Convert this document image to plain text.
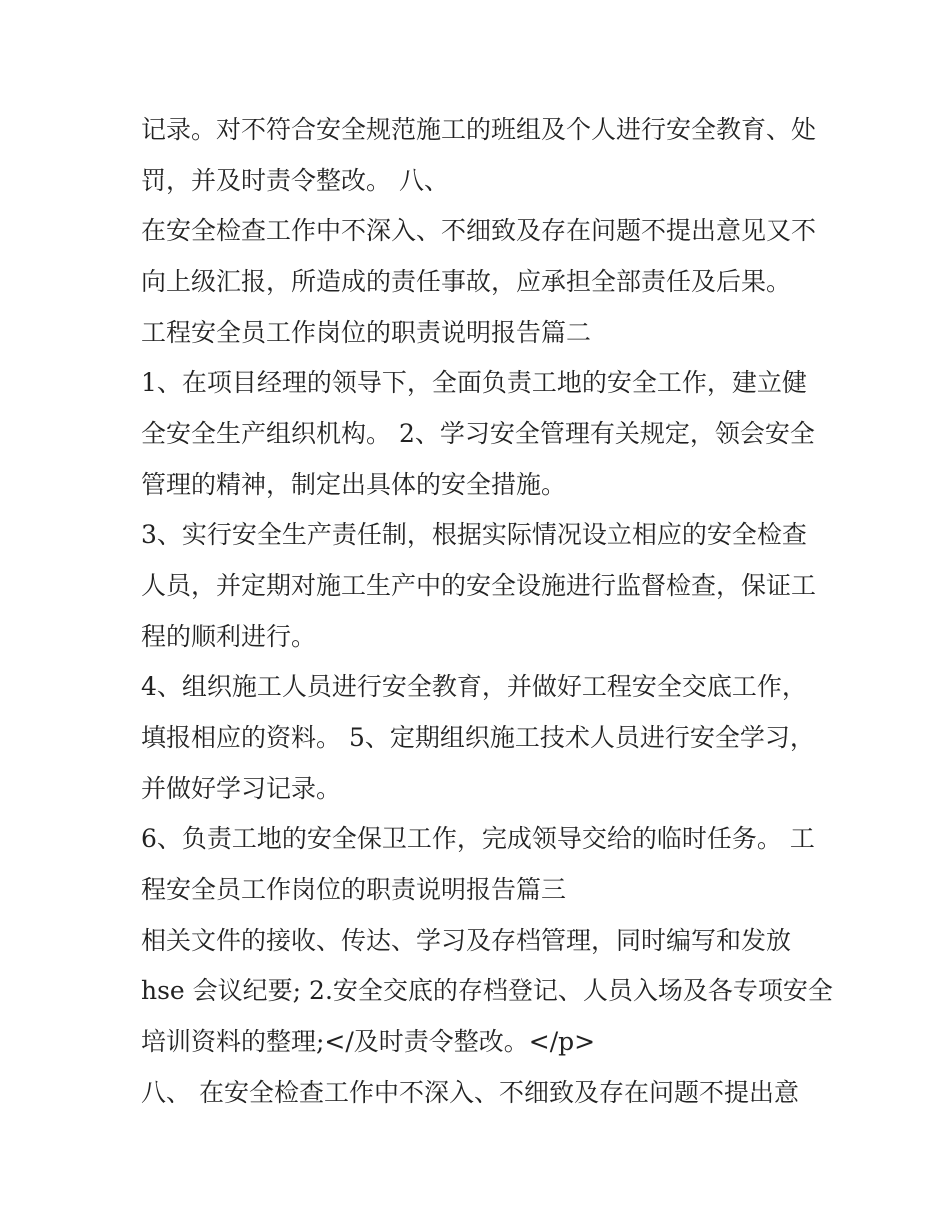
记录。对不符合安全规范施工的班组及个人进行安全教育、处
罚，并及时责令整改。 八、
在安全检查工作中不深入、不细致及存在问题不提出意见又不
向上级汇报，所造成的责任事故，应承担全部责任及后果。
工程安全员工作岗位的职责说明报告篇二
1、在项目经理的领导下，全面负责工地的安全工作，建立健
全安全生产组织机构。 2、学习安全管理有关规定，领会安全
管理的精神，制定出具体的安全措施。
3、实行安全生产责任制，根据实际情况设立相应的安全检查
人员，并定期对施工生产中的安全设施进行监督检查，保证工
程的顺利进行。
4、组织施工人员进行安全教育，并做好工程安全交底工作，
填报相应的资料。 5、定期组织施工技术人员进行安全学习，
并做好学习记录。
6、负责工地的安全保卫工作，完成领导交给的临时任务。 工
程安全员工作岗位的职责说明报告篇三
相关文件的接收、传达、学习及存档管理，同时编写和发放
hse 会议纪要; 2.安全交底的存档登记、人员入场及各专项安全
培训资料的整理;</及时责令整改。</p>
八、 在安全检查工作中不深入、不细致及存在问题不提出意
